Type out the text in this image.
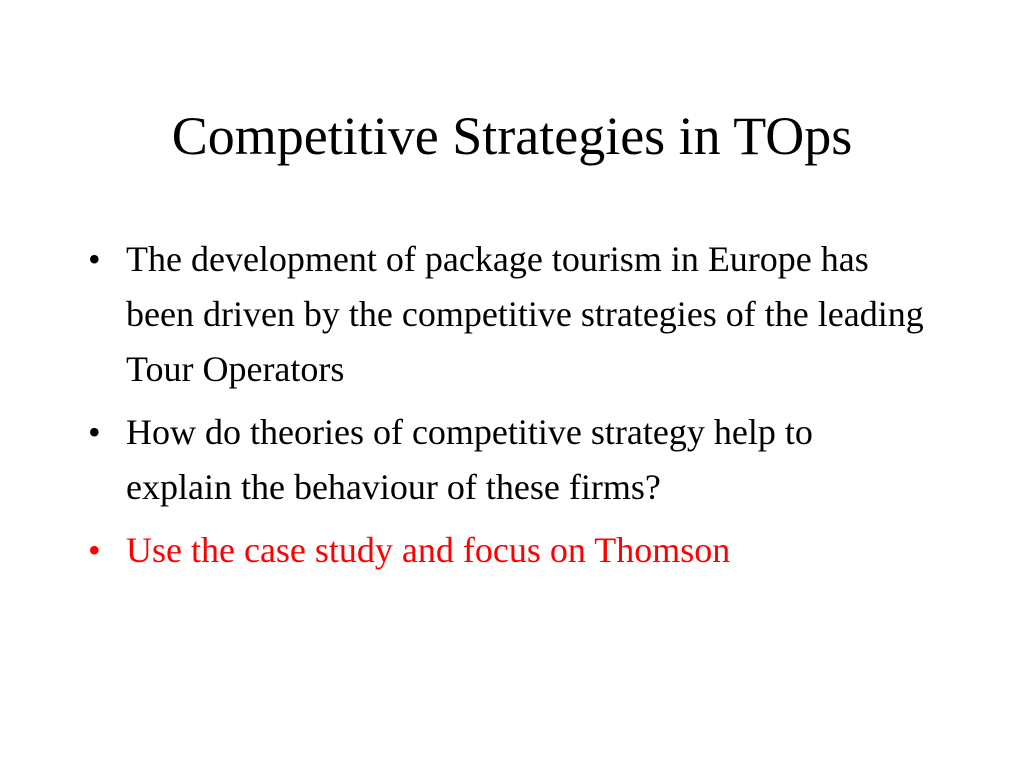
Competitive Strategies in TOps
• The development of package tourism in Europe has been driven by the competitive strategies of the leading Tour Operators
• How do theories of competitive strategy help to explain the behaviour of these firms?
• Use the case study and focus on Thomson
